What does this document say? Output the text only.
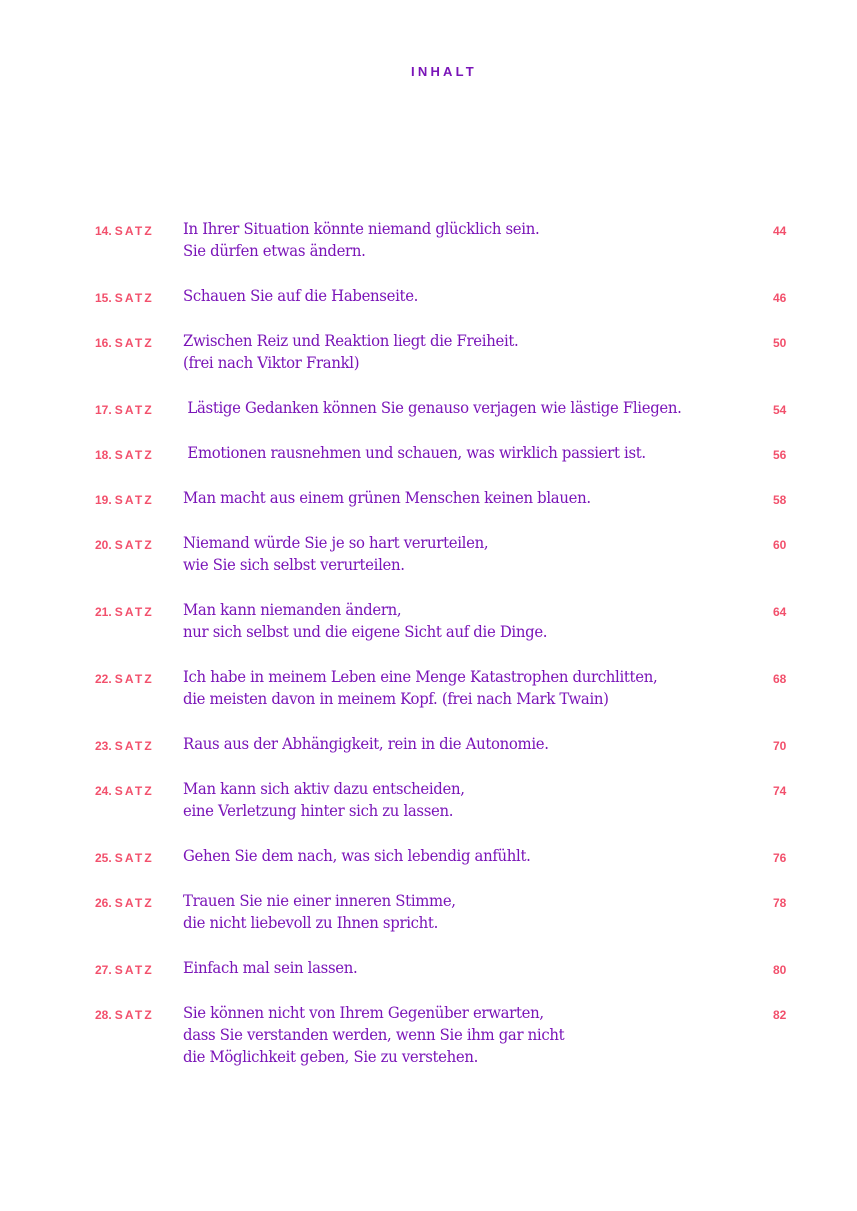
INHALT
14. SATZ In Ihrer Situation könnte niemand glücklich sein.
Sie dürfen etwas ändern.
44
15. SATZ Schauen Sie auf die Habenseite.	46
16. SATZ Zwischen Reiz und Reaktion liegt die Freiheit.
(frei nach Viktor Frankl)
50
17. SATZ Lästige Gedanken können Sie genauso verjagen wie lästige Fliegen.	54
18. SATZ Emotionen rausnehmen und schauen, was wirklich passiert ist.	56
19. SATZ Man macht aus einem grünen Menschen keinen blauen.	58
20. SATZ Niemand würde Sie je so hart verurteilen,
wie Sie sich selbst verurteilen.
60
21. SATZ Man kann niemanden ändern,
nur sich selbst und die eigene Sicht auf die Dinge.
64
22. SATZ Ich habe in meinem Leben eine Menge Katastrophen durchlitten,
die meisten davon in meinem Kopf. (frei nach Mark Twain)
68
23. SATZ Raus aus der Abhängigkeit, rein in die Autonomie.	70
24. SATZ Man kann sich aktiv dazu entscheiden,
eine Verletzung hinter sich zu lassen.
74
25. SATZ Gehen Sie dem nach, was sich lebendig anfühlt.	76
26. SATZ Trauen Sie nie einer inneren Stimme,
die nicht liebevoll zu Ihnen spricht.
78
27. SATZ Einfach mal sein lassen.	80
28. SATZ Sie können nicht von Ihrem Gegenüber erwarten,
dass Sie verstanden werden, wenn Sie ihm gar nicht
die Möglichkeit geben, Sie zu verstehen.
82
